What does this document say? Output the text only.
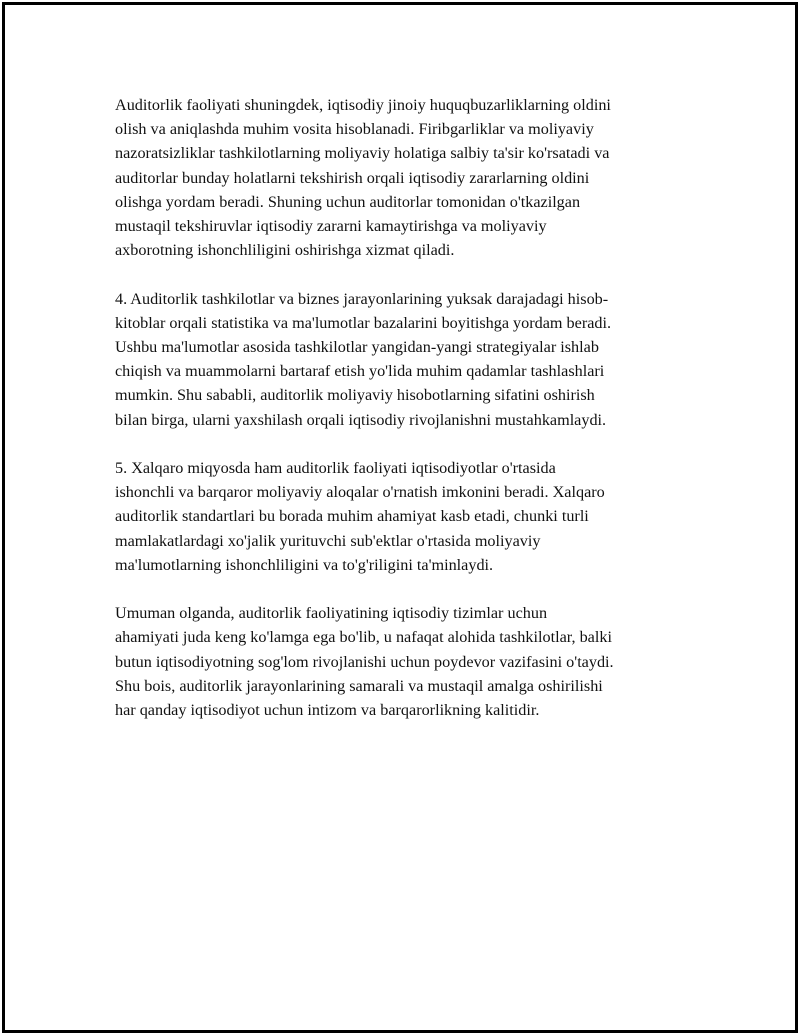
Auditorlik faoliyati shuningdek, iqtisodiy jinoiy huquqbuzarliklarning oldini
olish va aniqlashda muhim vosita hisoblanadi. Firibgarliklar va moliyaviy
nazoratsizliklar tashkilotlarning moliyaviy holatiga salbiy ta'sir ko'rsatadi va
auditorlar bunday holatlarni tekshirish orqali iqtisodiy zararlarning oldini
olishga yordam beradi. Shuning uchun auditorlar tomonidan o'tkazilgan
mustaqil tekshiruvlar iqtisodiy zararni kamaytirishga va moliyaviy
axborotning ishonchliligini oshirishga xizmat qiladi.

4. Auditorlik tashkilotlar va biznes jarayonlarining yuksak darajadagi hisob-
kitoblar orqali statistika va ma'lumotlar bazalarini boyitishga yordam beradi.
Ushbu ma'lumotlar asosida tashkilotlar yangidan-yangi strategiyalar ishlab
chiqish va muammolarni bartaraf etish yo'lida muhim qadamlar tashlashlari
mumkin. Shu sababli, auditorlik moliyaviy hisobotlarning sifatini oshirish
bilan birga, ularni yaxshilash orqali iqtisodiy rivojlanishni mustahkamlaydi.

5. Xalqaro miqyosda ham auditorlik faoliyati iqtisodiyotlar o'rtasida
ishonchli va barqaror moliyaviy aloqalar o'rnatish imkonini beradi. Xalqaro
auditorlik standartlari bu borada muhim ahamiyat kasb etadi, chunki turli
mamlakatlardagi xo'jalik yurituvchi sub'ektlar o'rtasida moliyaviy
ma'lumotlarning ishonchliligini va to'g'riligini ta'minlaydi.

Umuman olganda, auditorlik faoliyatining iqtisodiy tizimlar uchun
ahamiyati juda keng ko'lamga ega bo'lib, u nafaqat alohida tashkilotlar, balki
butun iqtisodiyotning sog'lom rivojlanishi uchun poydevor vazifasini o'taydi.
Shu bois, auditorlik jarayonlarining samarali va mustaqil amalga oshirilishi
har qanday iqtisodiyot uchun intizom va barqarorlikning kalitidir.
